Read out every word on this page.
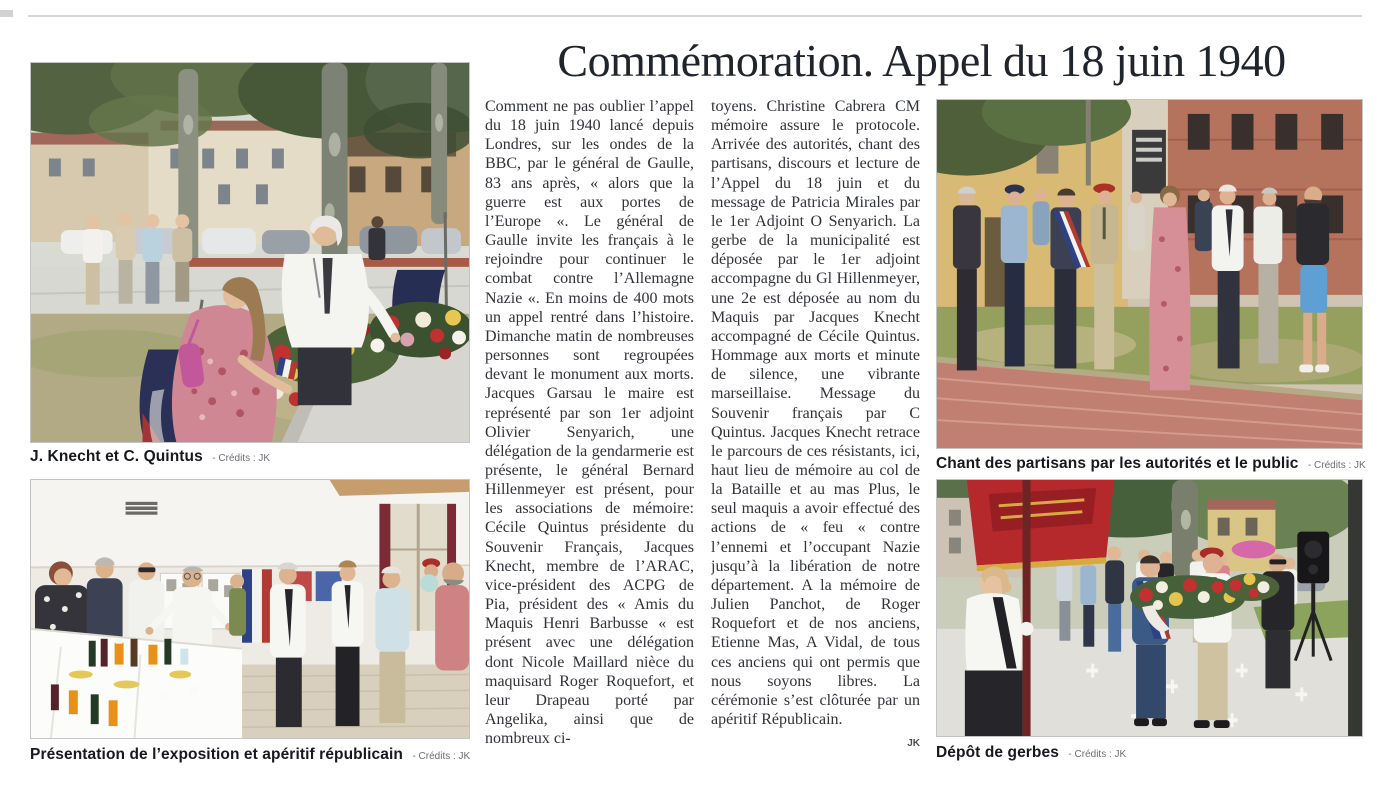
Commémoration. Appel du 18 juin 1940
J. Knecht et C. Quintus - Crédits : JK
Présentation de l’exposition et apéritif républicain - Crédits : JK
Chant des partisans par les autorités et le public - Crédits : JK
Dépôt de gerbes - Crédits : JK
Comment ne pas oublier l’appel du 18 juin 1940 lancé depuis Londres, sur les ondes de la BBC, par le général de Gaulle, 83 ans après, « alors que la guerre est aux portes de l’Europe «. Le général de Gaulle invite les français à le rejoindre pour continuer le combat contre l’Allemagne Nazie «. En moins de 400 mots un appel rentré dans l’histoire. Dimanche matin de nombreuses personnes sont regroupées devant le monument aux morts. Jacques Garsau le maire est représenté par son 1er adjoint Olivier Senyarich, une délégation de la gendarmerie est présente, le général Bernard Hillenmeyer est présent, pour les associations de mémoire: Cécile Quintus présidente du Souvenir Français, Jacques Knecht, membre de l’ARAC, vice-président des ACPG de Pia, président des « Amis du Maquis Henri Barbusse « est présent avec une délégation dont Nicole Maillard nièce du maquisard Roger Roquefort, et leur Drapeau porté par Angelika, ainsi que de nombreux ci-
toyens. Christine Cabrera CM mémoire assure le protocole. Arrivée des autorités, chant des partisans, discours et lecture de l’Appel du 18 juin et du message de Patricia Mirales par le 1er Adjoint O Senyarich. La gerbe de la municipalité est déposée par le 1er adjoint accompagne du Gl Hillenmeyer, une 2e est déposée au nom du Maquis par Jacques Knecht accompagné de Cécile Quintus. Hommage aux morts et minute de silence, une vibrante marseillaise. Message du Souvenir français par C Quintus. Jacques Knecht retrace le parcours de ces résistants, ici, haut lieu de mémoire au col de la Bataille et au mas Plus, le seul maquis a avoir effectué des actions de « feu « contre l’ennemi et l’occupant Nazie jusqu’à la libération de notre département. A la mémoire de Julien Panchot, de Roger Roquefort et de nos anciens, Etienne Mas, A Vidal, de tous ces anciens qui ont permis que nous soyons libres. La cérémonie s’est clôturée par un apéritif Républicain.
JK
